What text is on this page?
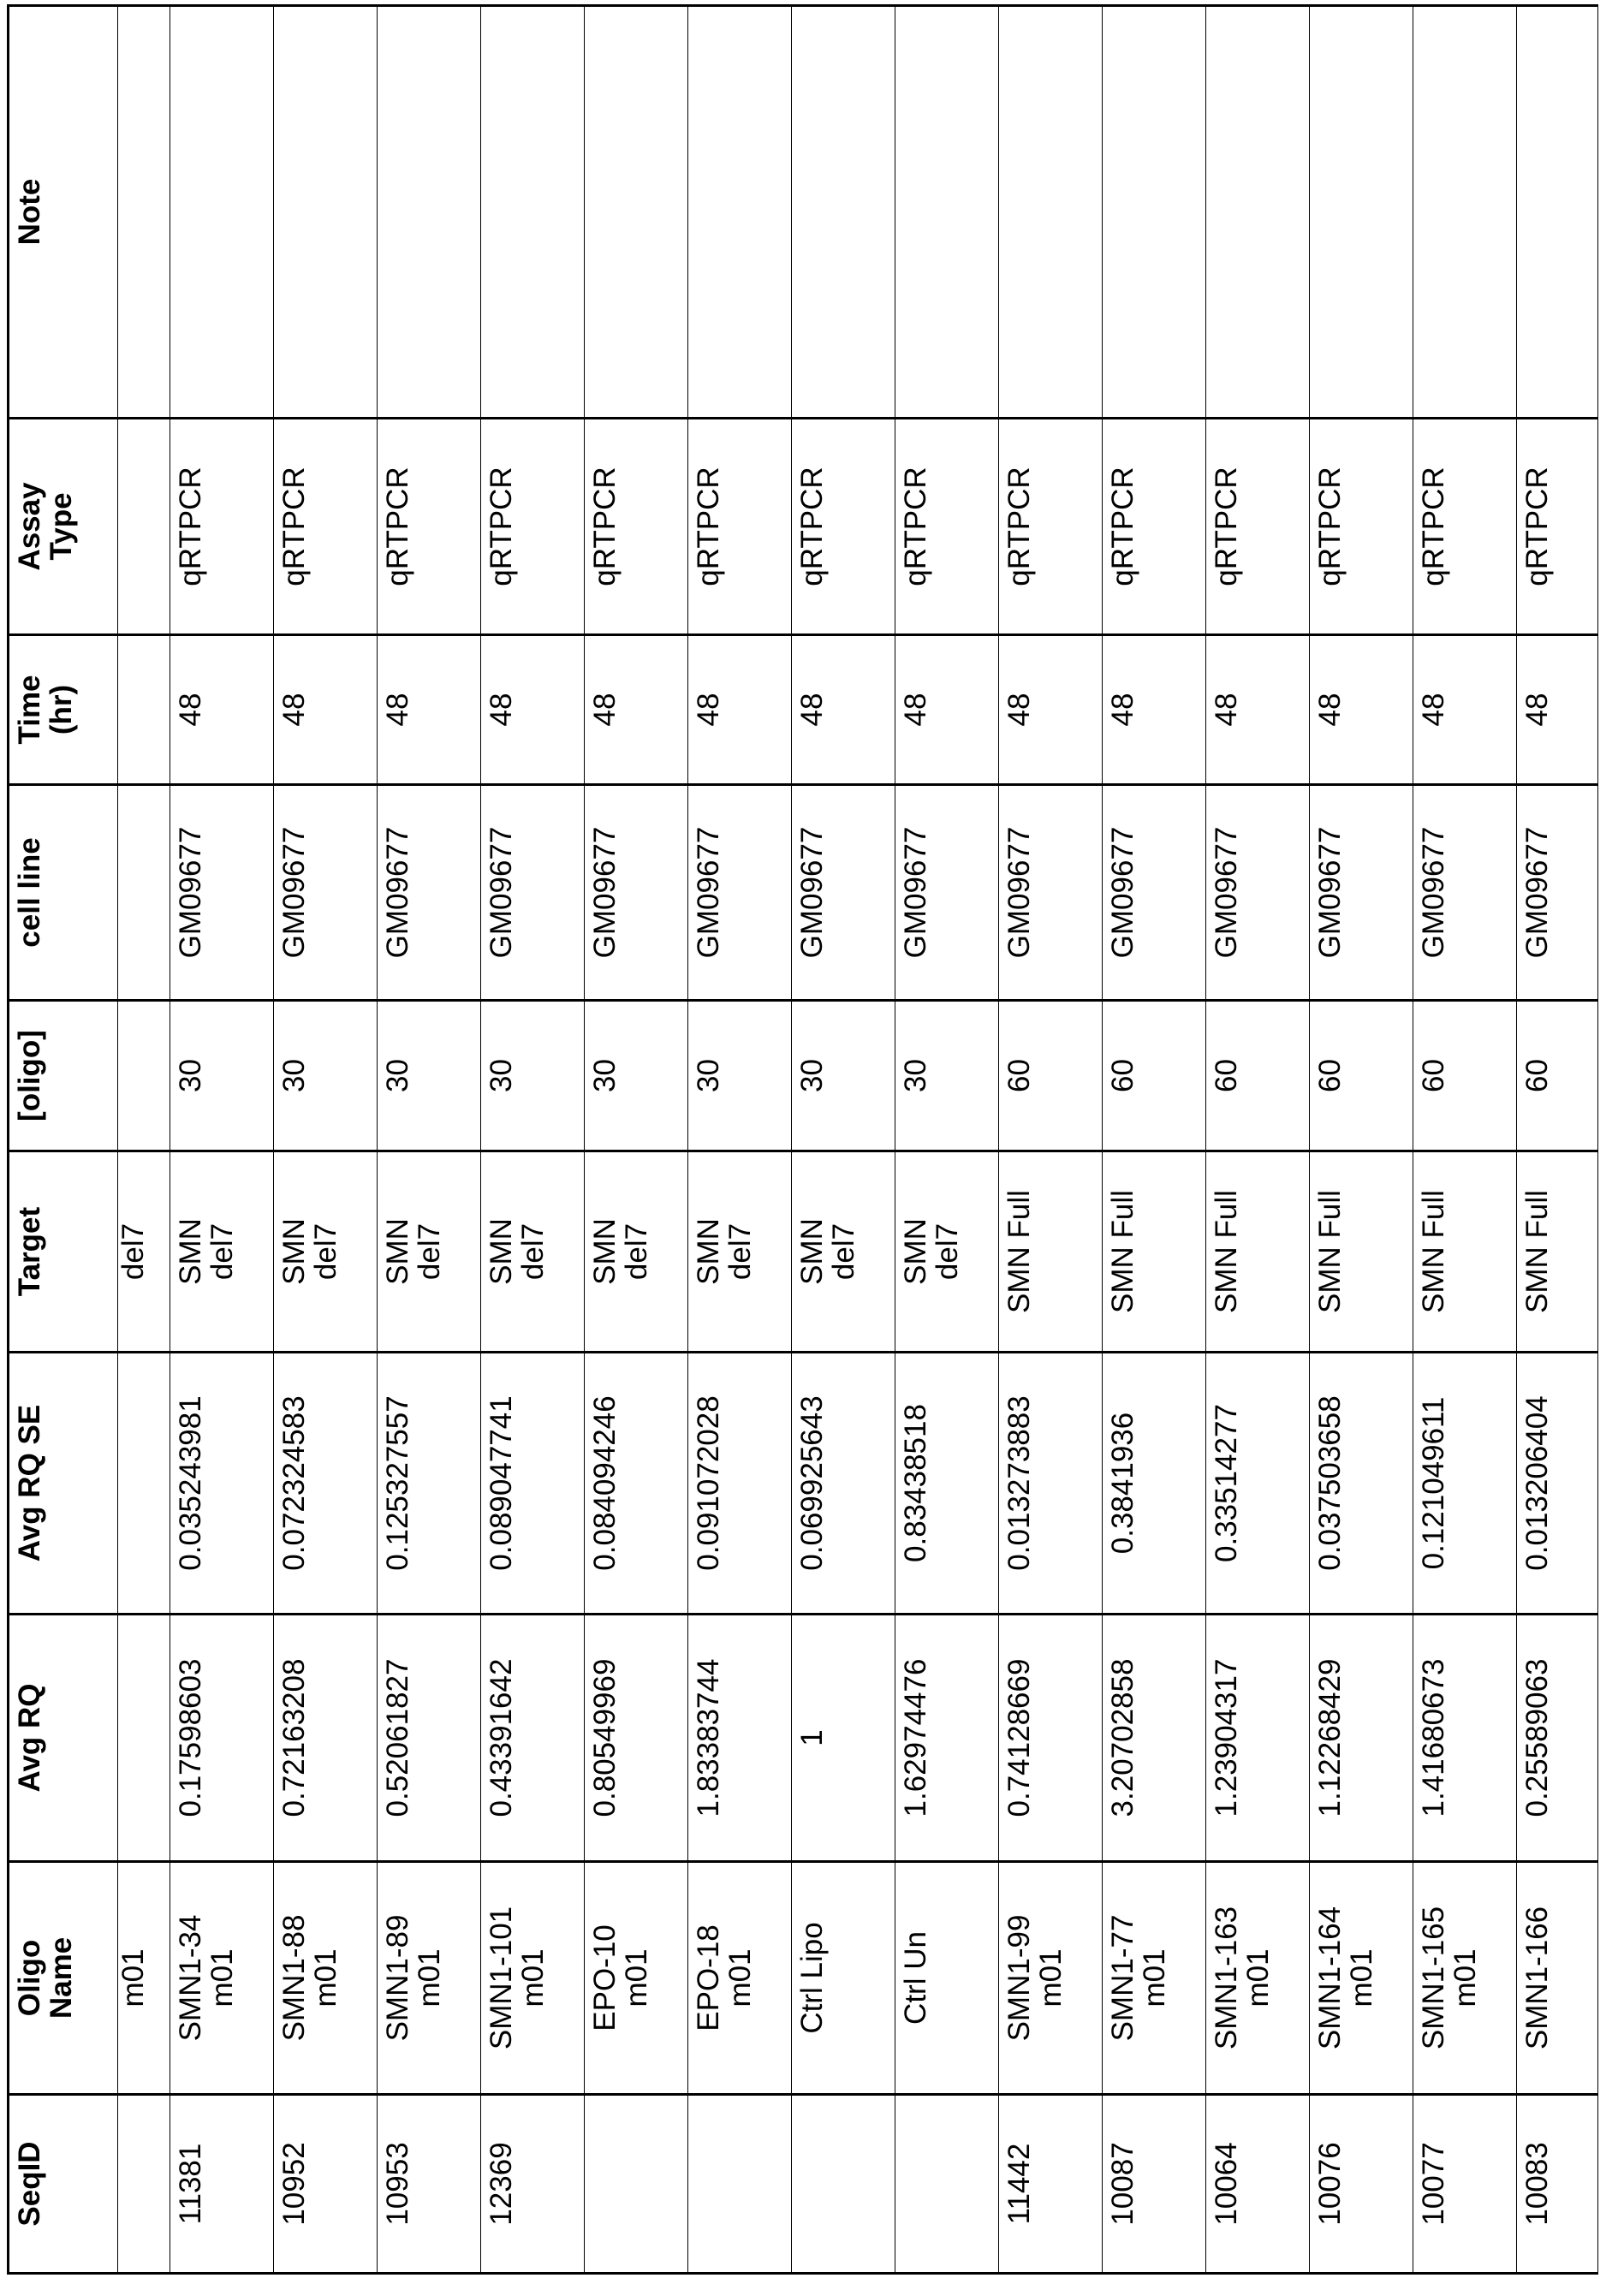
SeqID	Oligo
Name	Avg RQ	Avg RQ SE	Target	[oligo]	cell line	Time
(hr)	Assay
Type	Note
	m01			del7					
11381	SMN1-34
m01	0.17598603	0.035243981	SMN
del7	30	GM09677	48	qRTPCR	
10952	SMN1-88
m01	0.72163208	0.072324583	SMN
del7	30	GM09677	48	qRTPCR	
10953	SMN1-89
m01	0.52061827	0.125327557	SMN
del7	30	GM09677	48	qRTPCR	
12369	SMN1-101
m01	0.43391642	0.089047741	SMN
del7	30	GM09677	48	qRTPCR	
	EPO-10
m01	0.80549969	0.084094246	SMN
del7	30	GM09677	48	qRTPCR	
	EPO-18
m01	1.83383744	0.091072028	SMN
del7	30	GM09677	48	qRTPCR	
	Ctrl Lipo	1	0.069925643	SMN
del7	30	GM09677	48	qRTPCR	
	Ctrl Un	1.62974476	0.83438518	SMN
del7	30	GM09677	48	qRTPCR	
11442	SMN1-99
m01	0.74128669	0.013273883	SMN Full	60	GM09677	48	qRTPCR	
10087	SMN1-77
m01	3.20702858	0.3841936	SMN Full	60	GM09677	48	qRTPCR	
10064	SMN1-163
m01	1.23904317	0.33514277	SMN Full	60	GM09677	48	qRTPCR	
10076	SMN1-164
m01	1.12268429	0.037503658	SMN Full	60	GM09677	48	qRTPCR	
10077	SMN1-165
m01	1.41680673	0.121049611	SMN Full	60	GM09677	48	qRTPCR	
10083	SMN1-166	0.25589063	0.013206404	SMN Full	60	GM09677	48	qRTPCR	
